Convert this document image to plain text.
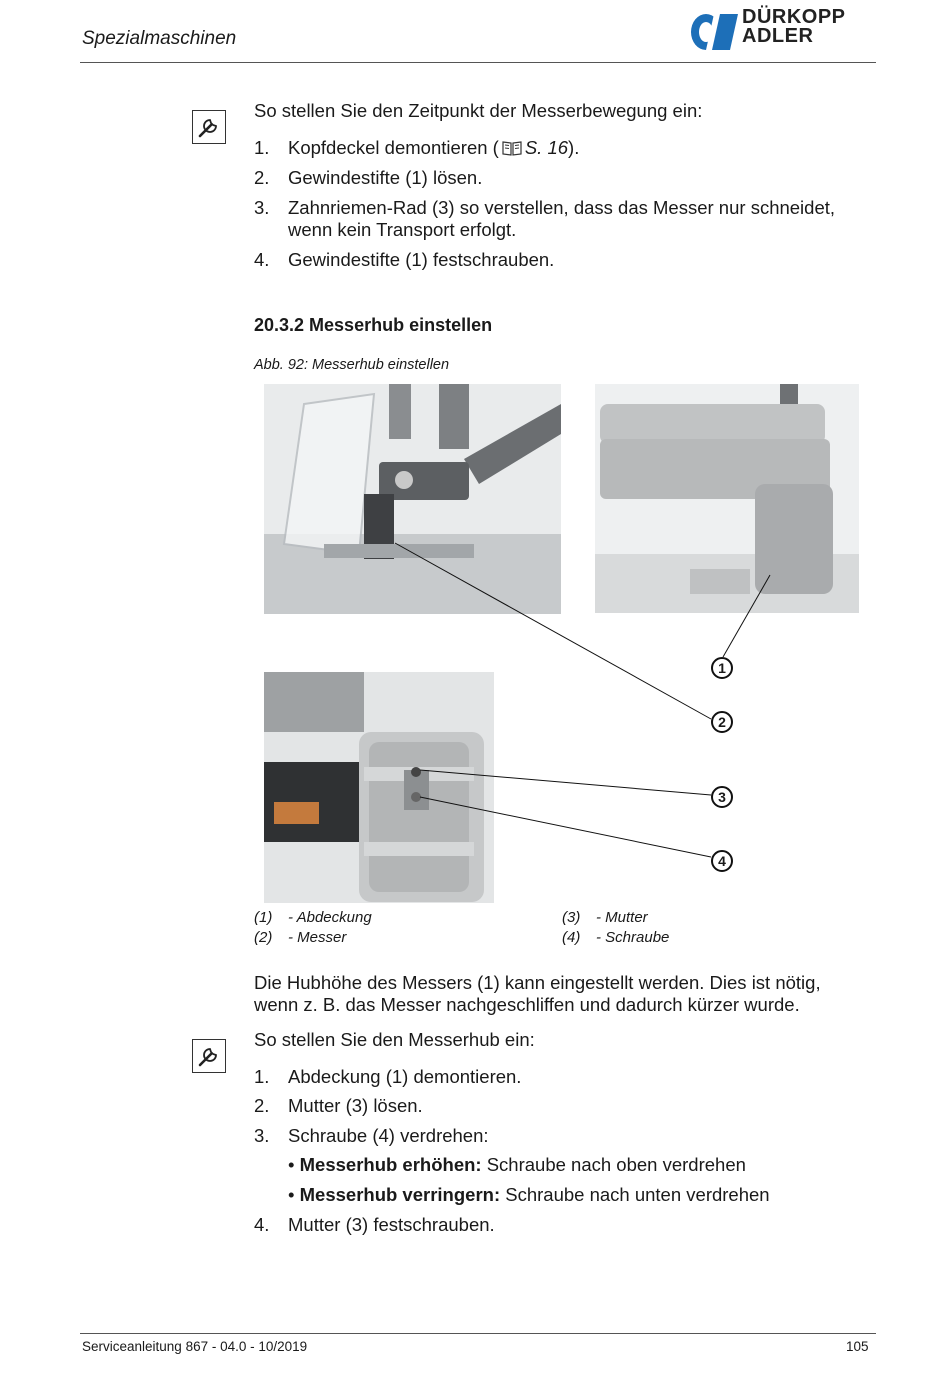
Spezialmaschinen
DÜRKOPP
ADLER
So stellen Sie den Zeitpunkt der Messerbewegung ein:
1. Kopfdeckel demontieren ( S. 16).
2. Gewindestifte (1) lösen.
3. Zahnriemen-Rad (3) so verstellen, dass das Messer nur schneidet,
wenn kein Transport erfolgt.
4. Gewindestifte (1) festschrauben.
20.3.2 Messerhub einstellen
Abb. 92: Messerhub einstellen
1
2
3
4
(1) - Abdeckung
(2) - Messer
(3) - Mutter
(4) - Schraube
Die Hubhöhe des Messers (1) kann eingestellt werden. Dies ist nötig,
wenn z. B. das Messer nachgeschliffen und dadurch kürzer wurde.
So stellen Sie den Messerhub ein:
1. Abdeckung (1) demontieren.
2. Mutter (3) lösen.
3. Schraube (4) verdrehen:
• Messerhub erhöhen: Schraube nach oben verdrehen
• Messerhub verringern: Schraube nach unten verdrehen
4. Mutter (3) festschrauben.
Serviceanleitung 867 - 04.0 - 10/2019	105
